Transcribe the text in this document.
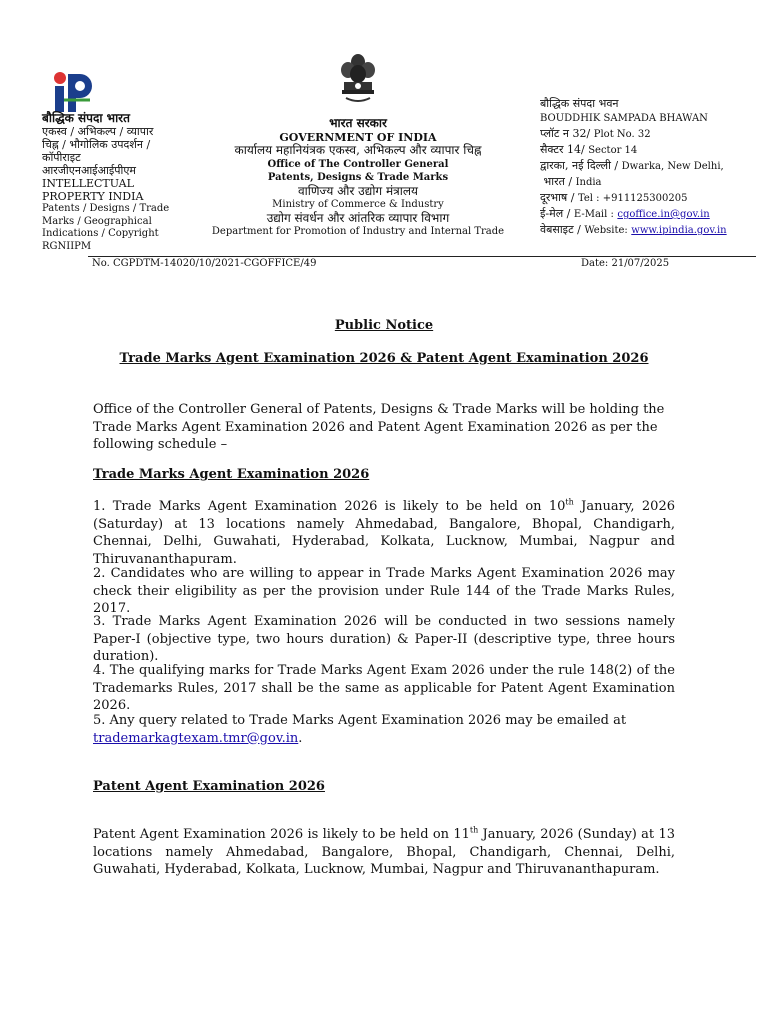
बौद्धिक संपदा भारत
एकस्व / अभिकल्प / व्यापार
चिह्न / भौगोलिक उपदर्शन /
कॉपीराइट
आरजीएनआईआईपीएम
INTELLECTUAL
PROPERTY INDIA
Patents / Designs / Trade
Marks / Geographical
Indications / Copyright
RGNIIPM
भारत सरकार
GOVERNMENT OF INDIA
कार्यालय महानियंत्रक एकस्व, अभिकल्प और व्यापार चिह्न
Office of The Controller General
Patents, Designs & Trade Marks
वाणिज्य और उद्योग मंत्रालय
Ministry of Commerce & Industry
उद्योग संवर्धन और आंतरिक व्यापार विभाग
Department for Promotion of Industry and Internal Trade
बौद्धिक संपदा भवन
BOUDDHIK SAMPADA BHAWAN
प्लॉट न 32/ Plot No. 32
सैक्टर 14/ Sector 14
द्वारका, नई दिल्ली / Dwarka, New Delhi,
भारत / India
दूरभाष / Tel : +911125300205
ई-मेल / E-Mail : cgoffice.in@gov.in
वेबसाइट / Website: www.ipindia.gov.in
No. CGPDTM-14020/10/2021-CGOFFICE/49	Date: 21/07/2025
Public Notice
Trade Marks Agent Examination 2026 & Patent Agent Examination 2026
Office of the Controller General of Patents, Designs & Trade Marks will be holding the Trade Marks Agent Examination 2026 and Patent Agent Examination 2026 as per the following schedule –
Trade Marks Agent Examination 2026
1. Trade Marks Agent Examination 2026 is likely to be held on 10th January, 2026 (Saturday) at 13 locations namely Ahmedabad, Bangalore, Bhopal, Chandigarh, Chennai, Delhi, Guwahati, Hyderabad, Kolkata, Lucknow, Mumbai, Nagpur and Thiruvananthapuram.
2. Candidates who are willing to appear in Trade Marks Agent Examination 2026 may check their eligibility as per the provision under Rule 144 of the Trade Marks Rules, 2017.
3. Trade Marks Agent Examination 2026 will be conducted in two sessions namely Paper-I (objective type, two hours duration) & Paper-II (descriptive type, three hours duration).
4. The qualifying marks for Trade Marks Agent Exam 2026 under the rule 148(2) of the Trademarks Rules, 2017 shall be the same as applicable for Patent Agent Examination 2026.
5. Any query related to Trade Marks Agent Examination 2026 may be emailed at
trademarkagtexam.tmr@gov.in.
Patent Agent Examination 2026
Patent Agent Examination 2026 is likely to be held on 11th January, 2026 (Sunday) at 13 locations namely Ahmedabad, Bangalore, Bhopal, Chandigarh, Chennai, Delhi, Guwahati, Hyderabad, Kolkata, Lucknow, Mumbai, Nagpur and Thiruvananthapuram.
